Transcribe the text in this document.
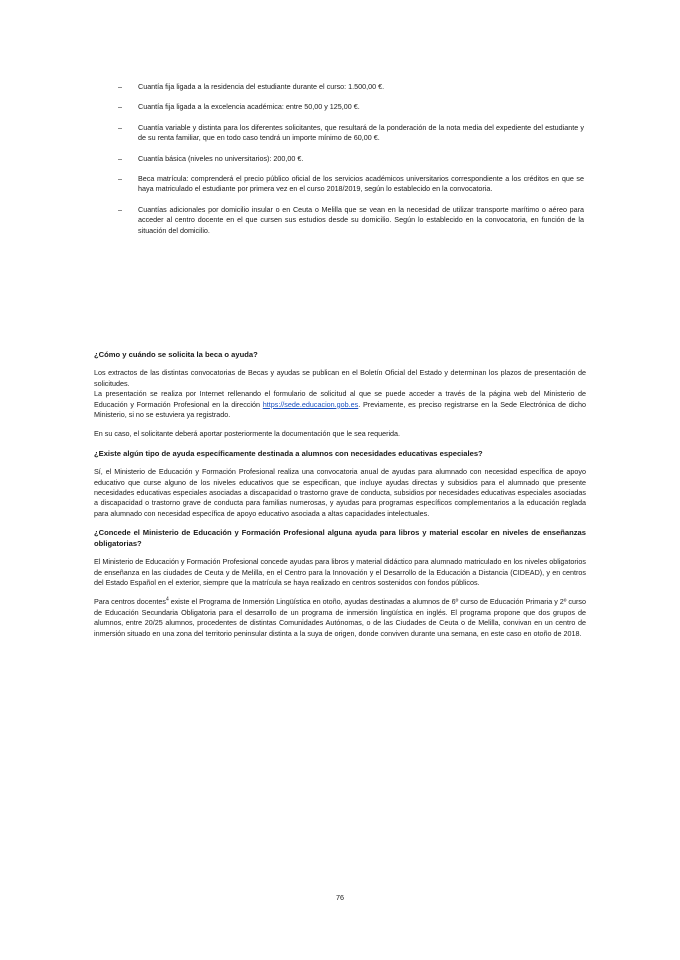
– Cuantía fija ligada a la residencia del estudiante durante el curso: 1.500,00 €.
– Cuantía fija ligada a la excelencia académica: entre 50,00 y 125,00 €.
– Cuantía variable y distinta para los diferentes solicitantes, que resultará de la ponderación de la nota media del expediente del estudiante y de su renta familiar, que en todo caso tendrá un importe mínimo de 60,00 €.
– Cuantía básica (niveles no universitarios): 200,00 €.
– Beca matrícula: comprenderá el precio público oficial de los servicios académicos universitarios correspondiente a los créditos en que se haya matriculado el estudiante por primera vez en el curso 2018/2019, según lo establecido en la convocatoria.
– Cuantías adicionales por domicilio insular o en Ceuta o Melilla que se vean en la necesidad de utilizar transporte marítimo o aéreo para acceder al centro docente en el que cursen sus estudios desde su domicilio. Según lo establecido en la convocatoria, en función de la situación del domicilio.
¿Cómo y cuándo se solicita la beca o ayuda?

Los extractos de las distintas convocatorias de Becas y ayudas se publican en el Boletín Oficial del Estado y determinan los plazos de presentación de solicitudes.

La presentación se realiza por Internet rellenando el formulario de solicitud al que se puede acceder a través de la página web del Ministerio de Educación y Formación Profesional en la dirección https://sede.educacion.gob.es. Previamente, es preciso registrarse en la Sede Electrónica de dicho Ministerio, si no se estuviera ya registrado.

En su caso, el solicitante deberá aportar posteriormente la documentación que le sea requerida.

¿Existe algún tipo de ayuda específicamente destinada a alumnos con necesidades educativas especiales?

Sí, el Ministerio de Educación y Formación Profesional realiza una convocatoria anual de ayudas para alumnado con necesidad específica de apoyo educativo que curse alguno de los niveles educativos que se especifican, que incluye ayudas directas y subsidios para el alumnado que presente necesidades educativas especiales asociadas a discapacidad o trastorno grave de conducta, subsidios por necesidades educativas especiales asociadas a discapacidad o trastorno grave de conducta para familias numerosas, y ayudas para programas específicos complementarios a la educación reglada para alumnado con necesidad específica de apoyo educativo asociada a altas capacidades intelectuales.

¿Concede el Ministerio de Educación y Formación Profesional alguna ayuda para libros y material escolar en niveles de enseñanzas obligatorias?

El Ministerio de Educación y Formación Profesional concede ayudas para libros y material didáctico para alumnado matriculado en los niveles obligatorios de enseñanza en las ciudades de Ceuta y de Melilla, en el Centro para la Innovación y el Desarrollo de la Educación a Distancia (CIDEAD), y en centros del Estado Español en el exterior, siempre que la matrícula se haya realizado en centros sostenidos con fondos públicos.

Para centros docentes$^4$ existe el Programa de Inmersión Lingüística en otoño, ayudas destinadas a alumnos de 6º curso de Educación Primaria y 2º curso de Educación Secundaria Obligatoria para el desarrollo de un programa de inmersión lingüística en inglés. El programa propone que dos grupos de alumnos, entre 20/25 alumnos, procedentes de distintas Comunidades Autónomas, o de las Ciudades de Ceuta o de Melilla, convivan en un centro de inmersión situado en una zona del territorio peninsular distinta a la suya de origen, donde conviven durante una semana, en este caso en otoño de 2018.

76
